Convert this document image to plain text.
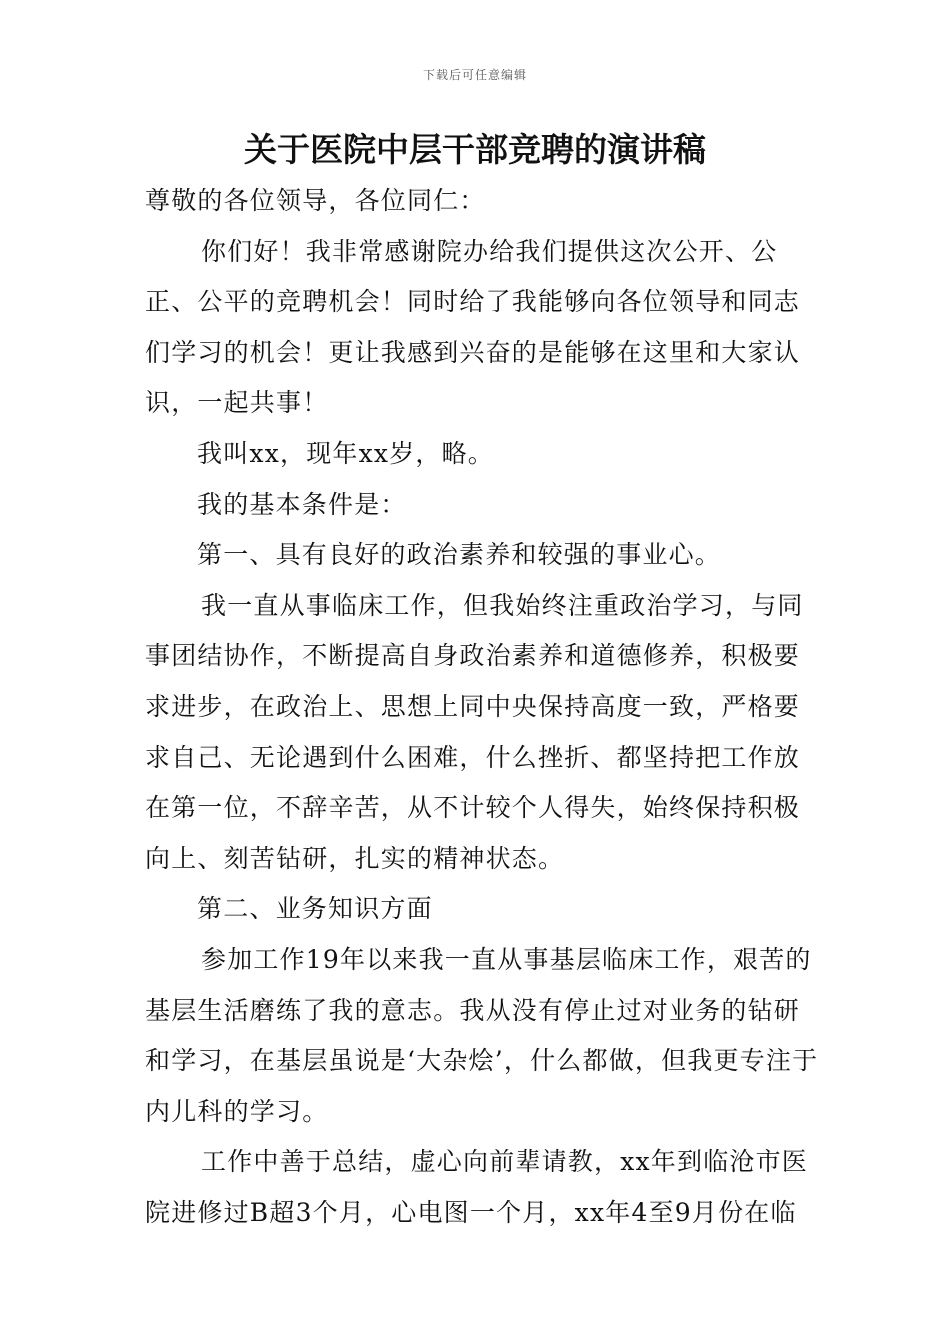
下载后可任意编辑
关于医院中层干部竞聘的演讲稿

尊敬的各位领导，各位同仁：

你们好！我非常感谢院办给我们提供这次公开、公正、公平的竞聘机会！同时给了我能够向各位领导和同志们学习的机会！更让我感到兴奋的是能够在这里和大家认识，一起共事！

我叫xx，现年xx岁，略。

我的基本条件是：

第一、具有良好的政治素养和较强的事业心。

我一直从事临床工作，但我始终注重政治学习，与同事团结协作，不断提高自身政治素养和道德修养，积极要求进步，在政治上、思想上同中央保持高度一致，严格要求自己、无论遇到什么困难，什么挫折、都坚持把工作放在第一位，不辞辛苦，从不计较个人得失，始终保持积极向上、刻苦钻研，扎实的精神状态。

第二、业务知识方面

参加工作19年以来我一直从事基层临床工作，艰苦的基层生活磨练了我的意志。我从没有停止过对业务的钻研和学习，在基层虽说是‘大杂烩’，什么都做，但我更专注于内儿科的学习。

工作中善于总结，虚心向前辈请教，xx年到临沧市医院进修过B超3个月，心电图一个月，xx年4至9月份在临
